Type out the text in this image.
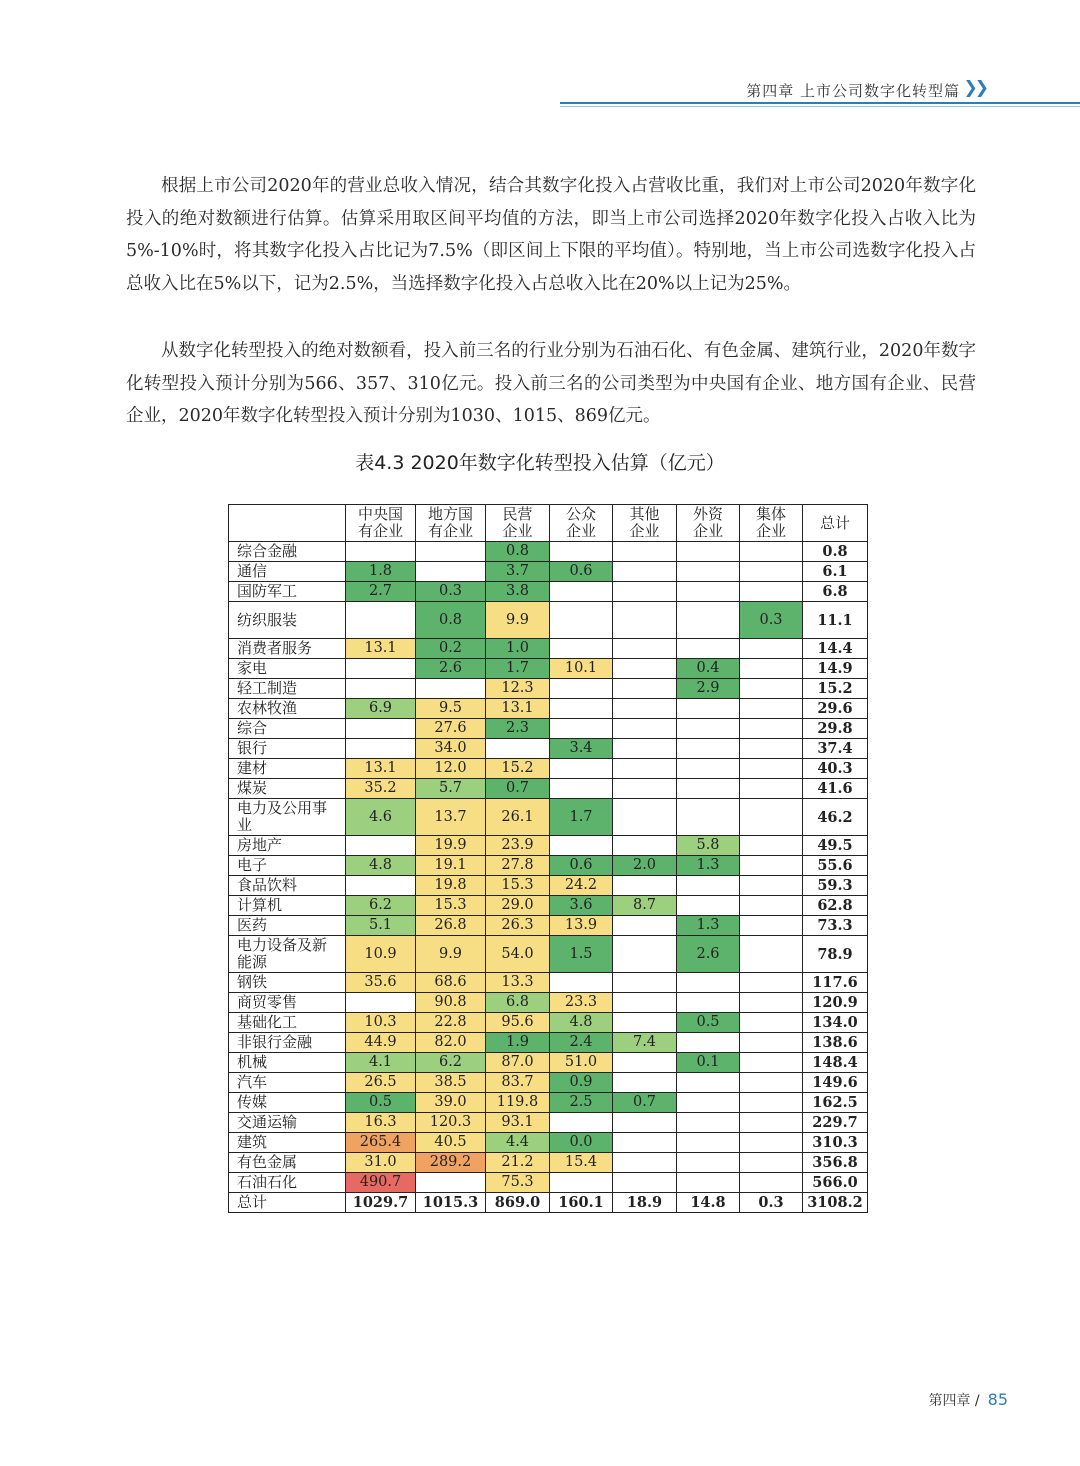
第四章 上市公司数字化转型篇 ❯❯

根据上市公司2020年的营业总收入情况，结合其数字化投入占营收比重，我们对上市公司2020年数字化投入的绝对数额进行估算。估算采用取区间平均值的方法，即当上市公司选择2020年数字化投入占收入比为5%-10%时，将其数字化投入占比记为7.5%（即区间上下限的平均值）。特别地，当上市公司选数字化投入占总收入比在5%以下，记为2.5%，当选择数字化投入占总收入比在20%以上记为25%。

从数字化转型投入的绝对数额看，投入前三名的行业分别为石油石化、有色金属、建筑行业，2020年数字化转型投入预计分别为566、357、310亿元。投入前三名的公司类型为中央国有企业、地方国有企业、民营企业，2020年数字化转型投入预计分别为1030、1015、869亿元。

表4.3 2020年数字化转型投入估算（亿元）
	中央国
有企业	地方国
有企业	民营
企业	公众
企业	其他
企业	外资
企业	集体
企业	总计
综合金融			0.8					0.8
通信	1.8		3.7	0.6				6.1
国防军工	2.7	0.3	3.8					6.8
纺织服装		0.8	9.9				0.3	11.1
消费者服务	13.1	0.2	1.0					14.4
家电		2.6	1.7	10.1		0.4		14.9
轻工制造			12.3			2.9		15.2
农林牧渔	6.9	9.5	13.1					29.6
综合		27.6	2.3					29.8
银行		34.0		3.4				37.4
建材	13.1	12.0	15.2					40.3
煤炭	35.2	5.7	0.7					41.6
电力及公用事
业	4.6	13.7	26.1	1.7				46.2
房地产		19.9	23.9			5.8		49.5
电子	4.8	19.1	27.8	0.6	2.0	1.3		55.6
食品饮料		19.8	15.3	24.2				59.3
计算机	6.2	15.3	29.0	3.6	8.7			62.8
医药	5.1	26.8	26.3	13.9		1.3		73.3
电力设备及新
能源	10.9	9.9	54.0	1.5		2.6		78.9
钢铁	35.6	68.6	13.3					117.6
商贸零售		90.8	6.8	23.3				120.9
基础化工	10.3	22.8	95.6	4.8		0.5		134.0
非银行金融	44.9	82.0	1.9	2.4	7.4			138.6
机械	4.1	6.2	87.0	51.0		0.1		148.4
汽车	26.5	38.5	83.7	0.9				149.6
传媒	0.5	39.0	119.8	2.5	0.7			162.5
交通运输	16.3	120.3	93.1					229.7
建筑	265.4	40.5	4.4	0.0				310.3
有色金属	31.0	289.2	21.2	15.4				356.8
石油石化	490.7		75.3					566.0
总计	1029.7	1015.3	869.0	160.1	18.9	14.8	0.3	3108.2
第四章 / 85
